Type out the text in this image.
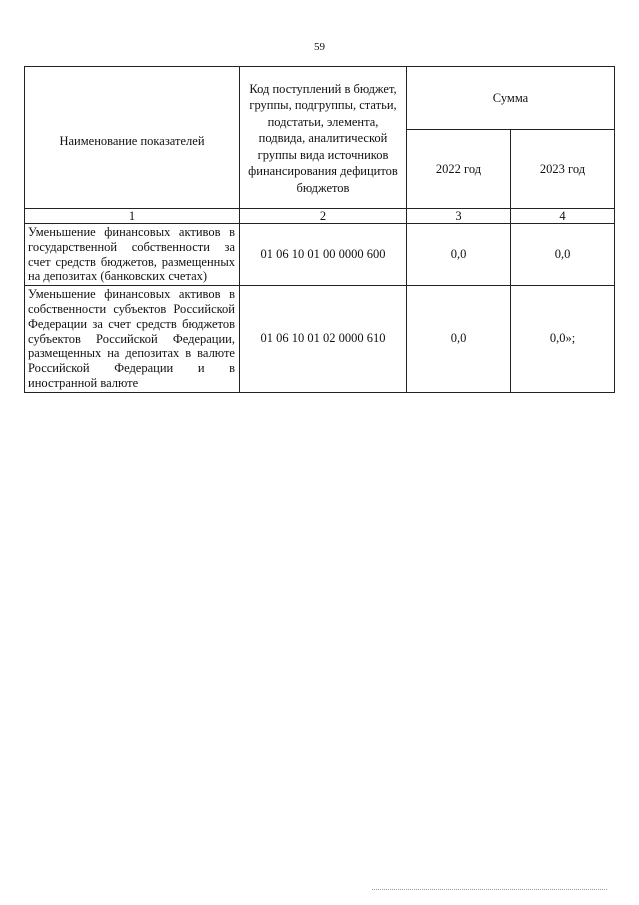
59
Наименование показателей	Код поступлений в бюджет, группы, подгруппы, статьи, подстатьи, элемента, подвида, аналитической группы вида источников финансирования дефицитов бюджетов	Сумма	
		2022 год	2023 год
1	2	3	4
Уменьшение финансовых активов в государственной собственности за счет средств бюджетов, размещенных на депозитах (банковских счетах)	01 06 10 01 00 0000 600	0,0	0,0
Уменьшение финансовых активов в собственности субъектов Российской Федерации за счет средств бюджетов субъектов Российской Федерации, размещенных на депозитах в валюте Российской Федерации и в иностранной валюте	01 06 10 01 02 0000 610	0,0	0,0»;
